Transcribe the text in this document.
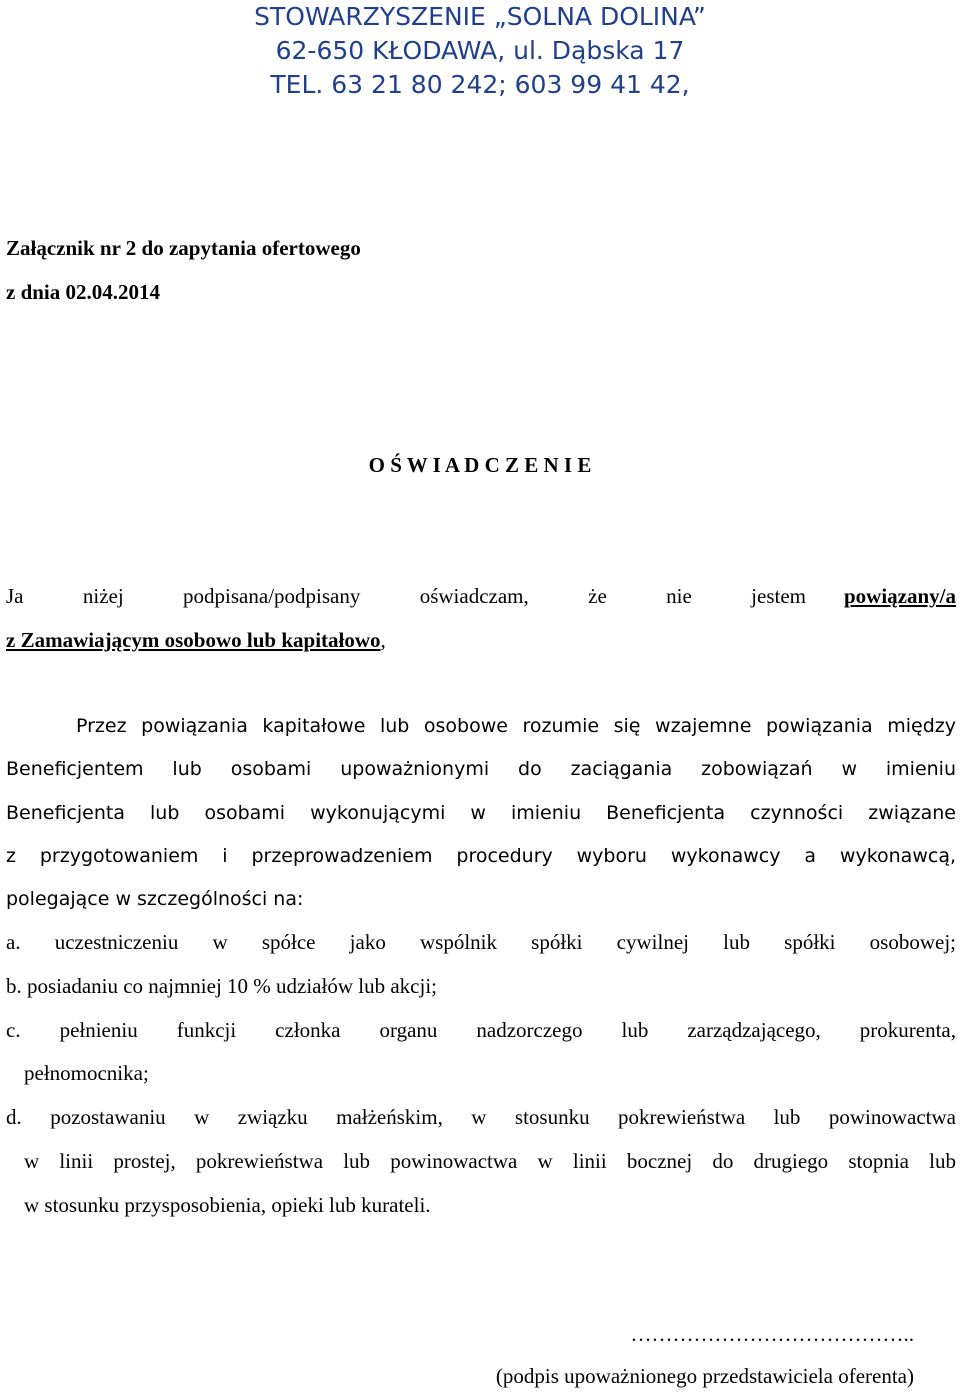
STOWARZYSZENIE „SOLNA DOLINA”
62-650 KŁODAWA, ul. Dąbska 17
TEL. 63 21 80 242; 603 99 41 42,
Załącznik nr 2 do zapytania ofertowego
z dnia 02.04.2014
O Ś W I A D C Z E N I E
Ja niżej podpisana/podpisany oświadczam, że nie jestem powiązany/a
z Zamawiającym osobowo lub kapitałowo,
Przez powiązania kapitałowe lub osobowe rozumie się wzajemne powiązania między
Beneficjentem lub osobami upoważnionymi do zaciągania zobowiązań w imieniu
Beneficjenta lub osobami wykonującymi w imieniu Beneficjenta czynności związane
z przygotowaniem i przeprowadzeniem procedury wyboru wykonawcy a wykonawcą,
polegające w szczególności na:
a. uczestniczeniu w spółce jako wspólnik spółki cywilnej lub spółki osobowej;
b. posiadaniu co najmniej 10 % udziałów lub akcji;
c. pełnieniu funkcji członka organu nadzorczego lub zarządzającego, prokurenta,
pełnomocnika;
d. pozostawaniu w związku małżeńskim, w stosunku pokrewieństwa lub powinowactwa
w linii prostej, pokrewieństwa lub powinowactwa w linii bocznej do drugiego stopnia lub
w stosunku przysposobienia, opieki lub kurateli.
…………………………………..
(podpis upoważnionego przedstawiciela oferenta)
